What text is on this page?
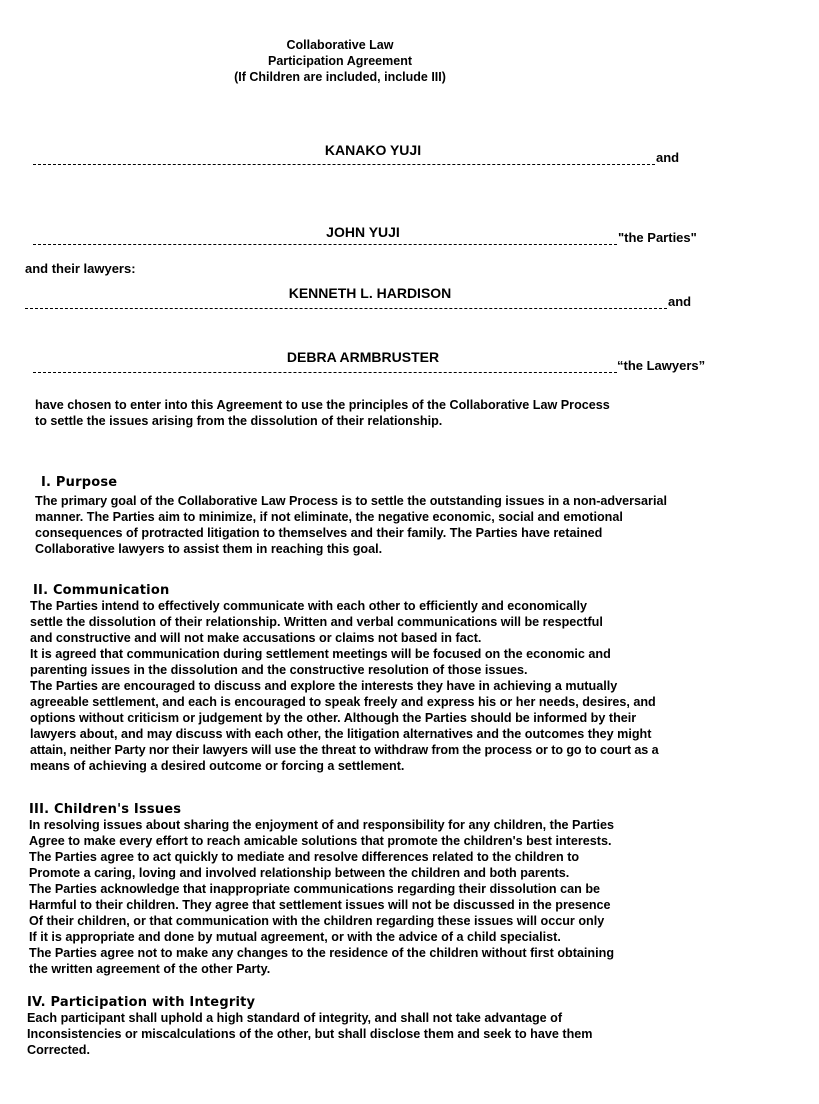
Collaborative Law
Participation Agreement
(If Children are included, include III)
KANAKO YUJI	and
JOHN YUJI	"the Parties"
and their lawyers:
KENNETH L. HARDISON
and
DEBRA ARMBRUSTER
“the Lawyers”
have chosen to enter into this Agreement to use the principles of the Collaborative Law Process
to settle the issues arising from the dissolution of their relationship.
I. Purpose
The primary goal of the Collaborative Law Process is to settle the outstanding issues in a non-adversarial
manner. The Parties aim to minimize, if not eliminate, the negative economic, social and emotional
consequences of protracted litigation to themselves and their family. The Parties have retained
Collaborative lawyers to assist them in reaching this goal.
II. Communication
The Parties intend to effectively communicate with each other to efficiently and economically
settle the dissolution of their relationship. Written and verbal communications will be respectful
and constructive and will not make accusations or claims not based in fact.
It is agreed that communication during settlement meetings will be focused on the economic and
parenting issues in the dissolution and the constructive resolution of those issues.
The Parties are encouraged to discuss and explore the interests they have in achieving a mutually
agreeable settlement, and each is encouraged to speak freely and express his or her needs, desires, and
options without criticism or judgement by the other. Although the Parties should be informed by their
lawyers about, and may discuss with each other, the litigation alternatives and the outcomes they might
attain, neither Party nor their lawyers will use the threat to withdraw from the process or to go to court as a
means of achieving a desired outcome or forcing a settlement.
III. Children's Issues
In resolving issues about sharing the enjoyment of and responsibility for any children, the Parties
Agree to make every effort to reach amicable solutions that promote the children's best interests.
The Parties agree to act quickly to mediate and resolve differences related to the children to
Promote a caring, loving and involved relationship between the children and both parents.
The Parties acknowledge that inappropriate communications regarding their dissolution can be
Harmful to their children. They agree that settlement issues will not be discussed in the presence
Of their children, or that communication with the children regarding these issues will occur only
If it is appropriate and done by mutual agreement, or with the advice of a child specialist.
The Parties agree not to make any changes to the residence of the children without first obtaining
the written agreement of the other Party.
IV. Participation with Integrity
Each participant shall uphold a high standard of integrity, and shall not take advantage of
Inconsistencies or miscalculations of the other, but shall disclose them and seek to have them
Corrected.
